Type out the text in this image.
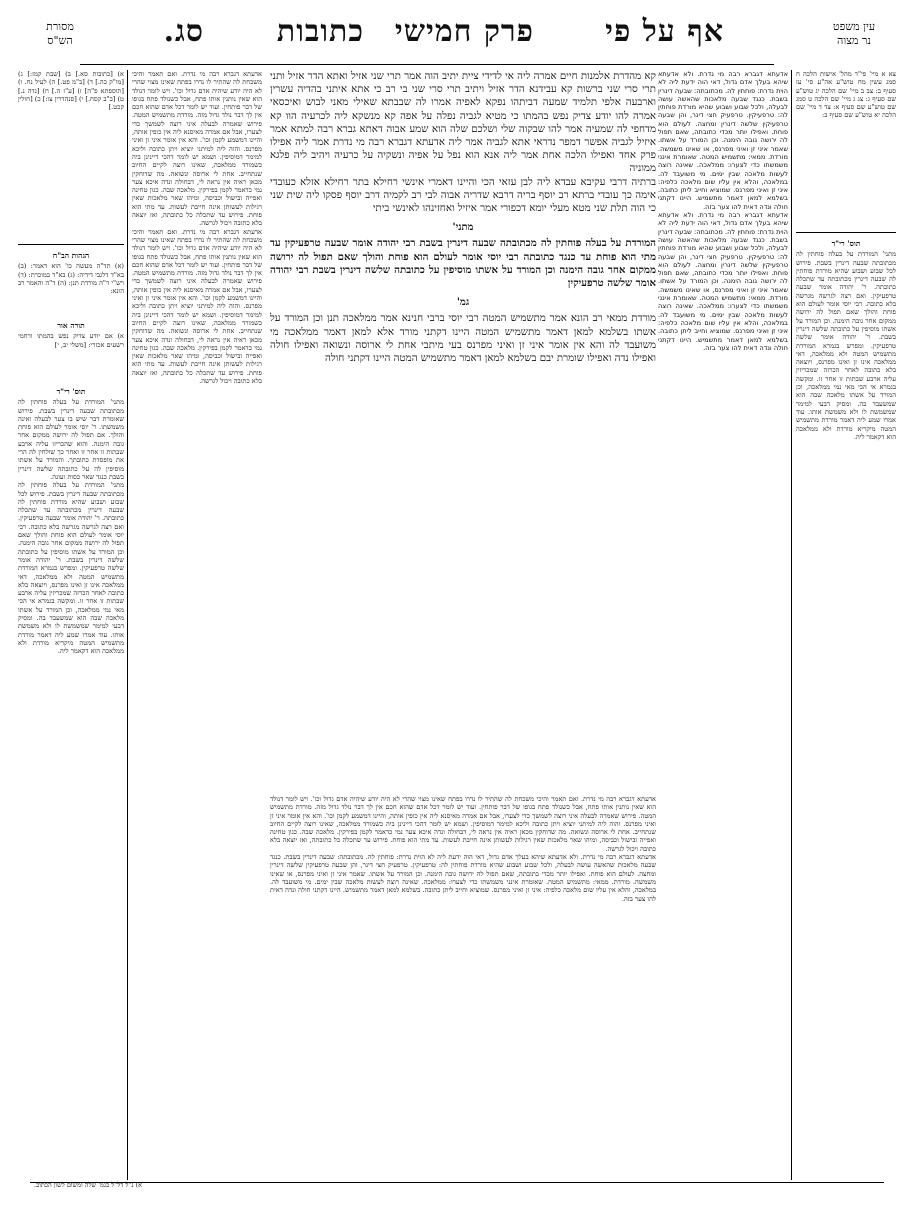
עין משפט
נר מצוה
אף על פי
פרק חמישי
כתובות
סג.
מסורת
הש"ס

צא א מיי' פי"ד מהל' אישות הלכה ח סמג עשין מח טוש"ע אה"ע סי' עז סעיף ב: צב ב מיי' שם הלכה יג טוש"ע שם סעיף ג: צג ג מיי' שם הלכה ט סמג שם טוש"ע שם סעיף א: צד ד מיי' שם הלכה יא טוש"ע שם סעיף ב:

תוס' רי"ד

מתני' המורדת על בעלה פוחתין לה מכתובתה שבעה דינרין בשבת. פירוש לכל שבוע ושבוע שהיא מורדת פוחתין לה שבעה דינרין מכתובתה עד שתכלה כתובתה. ר' יהודה אומר שבעה טרפעיקין. ואם רצה לגרשה מגרשה בלא כתובה. רבי יוסי אומר לעולם הוא פוחת והולך שאם תפול לה ירושה ממקום אחר גובה הימנה. וכן המורד על אשתו מוסיפין על כתובתה שלשה דינרין בשבת. ר' יהודה אומר שלשה טרפעיקין. ומפרש בגמרא המורדת מתשמיש המטה ולא ממלאכה, דאי ממלאכה אינו זן ואינו מפרנס, ויוצאה בלא כתובה לאחר הכרזה שמכריזין עליה ארבע שבתות זו אחר זו. ומקשה בגמרא אי הכי מאי נמי ממלאכה, וכן המורד על אשתו מלאכה שבה הוא שמשעבד בה. ומסיק דבעי למימר שמשמשת לו ולא משמשת אותו. עוד אמרו שמע ליה דאמר מורדת מתשמיש המטה מיקריא מורדת ולא ממלאכה הוא דקאמר ליה.

א) [כתובות סא.] ב) [שבת קמז:] ג) [מו"ק כה.] ד) [ב"מ פט.] ה) לעיל נח. ו) [תוספתא פ"ה] ז) [ע"ז ה.] ח) [נדה נ.] ט) [ב"ב קסח.] י) [סנהדרין צו:] כ) [חולין קכט.]

הגהות הב"ח

(א) תד"ה מעשה כו' הוא דאמר: (ב) בא"ד דלגבי דידיה: (ג) בא"ד במוכרת: (ד) רש"י ד"ה מורדת תנן: (ה) ד"ה והאמר רב הונא:

תורה אור

א) אם יודע צדיק נפש בהמתו ורחמי רשעים אכזרי: [משלי יב, י]

תוס' רי"ד

מתני' המורדת על בעלה פוחתין לה מכתובתה שבעה דינרין בשבת. פירוש שאומרת דבר שיש בו צער לבעלה ואינה משמשתו. ר' יוסי אומר לעולם הוא פוחת והולך. אם תפול לה ירושה ממקום אחר גובה הימנה. והוא שהכריזו עליה ארבע שבתות זו אחר זו ואחר כך שולחין לה הרי את מופסדת כתובתך. והמורד על אשתו מוסיפין לה על כתובתה שלשה דינרין בשבת כנגד שאר כסות ועונה.

מתני' המורדת על בעלה פוחתין לה מכתובתה שבעה דינרין בשבת. פירוש לכל שבוע ושבוע שהיא מורדת פוחתין לה שבעה דינרין מכתובתה עד שתכלה כתובתה. ר' יהודה אומר שבעה טרפעיקין. ואם רצה לגרשה מגרשה בלא כתובה. רבי יוסי אומר לעולם הוא פוחת והולך שאם תפול לה ירושה ממקום אחר גובה הימנה. וכן המורד על אשתו מוסיפין על כתובתה שלשה דינרין בשבת. ר' יהודה אומר שלשה טרפעיקין. ומפרש בגמרא המורדת מתשמיש המטה ולא ממלאכה, דאי ממלאכה אינו זן ואינו מפרנס, ויוצאה בלא כתובה לאחר הכרזה שמכריזין עליה ארבע שבתות זו אחר זו. ומקשה בגמרא אי הכי מאי נמי ממלאכה, וכן המורד על אשתו מלאכה שבה הוא שמשעבד בה. ומסיק דבעי למימר שמשמשת לו ולא משמשת אותו. עוד אמרו שמע ליה דאמר מורדת מתשמיש המטה מיקריא מורדת ולא ממלאכה הוא דקאמר ליה.

אדעתא דגברא רבה מי נדרת. ואם תאמר והיכי משכחת לה שהתיר לו נדרו בפתח שאינו מצוי שהרי לא היה יודע שיהיה אדם גדול וכו'. ויש לומר דנולד הוא שאין נותנין אותו פתח, אבל כשנולד פתח בגופו של דבר פותחין. ועוד יש לומר דכל אדם שהוא חכם אין לך דבר נולד גדול מזה. מורדת מתשמיש המטה. פירוש שאמרה לבעלה איני רוצה לשמשך כדי לצערו, אבל אם אמרה מאיסנא ליה אין כופין אותה, והיינו דמשמע לקמן וכו'. והא אין אומר איני זן ואיני מפרנס. והוה ליה למיתני יוציא ויתן כתובה וליכא למימר דמוסיפין. ושמא יש לומר דהכי דיינינן ביה כשמורד ממלאכה, שאינו רוצה לקיים החיוב שנתחייב. אחת לי ארוסה ונשואה. מה שדוחקין מכאן ראיה אין נראה לי, דבחולה ונדה איכא צער נמי כדאמר לקמן בפירקין. מלאכה שבה. כגון טחינה ואפייה ובישול וכביסה, ומיהו שאר מלאכות שאין רגילות לעשותן אינה חייבת לעשות. עד מתי הוא פוחת. פירוש עד שתכלה כל כתובתה, ואז יוצאה בלא כתובה ויכול לגרשה.

אדעתא דגברא רבה מי נדרת. ואם תאמר והיכי משכחת לה שהתיר לו נדרו בפתח שאינו מצוי שהרי לא היה יודע שיהיה אדם גדול וכו'. ויש לומר דנולד הוא שאין נותנין אותו פתח, אבל כשנולד פתח בגופו של דבר פותחין. ועוד יש לומר דכל אדם שהוא חכם אין לך דבר נולד גדול מזה. מורדת מתשמיש המטה. פירוש שאמרה לבעלה איני רוצה לשמשך כדי לצערו, אבל אם אמרה מאיסנא ליה אין כופין אותה, והיינו דמשמע לקמן וכו'. והא אין אומר איני זן ואיני מפרנס. והוה ליה למיתני יוציא ויתן כתובה וליכא למימר דמוסיפין. ושמא יש לומר דהכי דיינינן ביה כשמורד ממלאכה, שאינו רוצה לקיים החיוב שנתחייב. אחת לי ארוסה ונשואה. מה שדוחקין מכאן ראיה אין נראה לי, דבחולה ונדה איכא צער נמי כדאמר לקמן בפירקין. מלאכה שבה. כגון טחינה ואפייה ובישול וכביסה, ומיהו שאר מלאכות שאין רגילות לעשותן אינה חייבת לעשות. עד מתי הוא פוחת. פירוש עד שתכלה כל כתובתה, ואז יוצאה בלא כתובה ויכול לגרשה.

אדעתא דגברא רבה מי נדרת. ולא אדעתא שיהא בעלך אדם גדול, דאי הוה ידעת ליה לא הוית נדרת: פוחתין לה. מכתובתה: שבעה דינרין בשבת. כנגד שבעה מלאכות שהאשה עושה לבעלה, ולכל שבוע ושבוע שהיא מורדת פוחתין לה: טרפעיקין. טרפעיק חצי דינר, והן שבעה טרפעיקין שלשה דינרין ומחצה. לעולם הוא פוחת. ואפילו יותר מכדי כתובתה, שאם תפול לה ירושה גובה הימנה. וכן המורד על אשתו. שאמר איני זן ואיני מפרנס, או שאינו משמשה. מורדת. ממאי: מתשמיש המטה. שאומרת אינני משמשתו כדי לצערו: ממלאכה. שאינה רוצה לעשות מלאכה שבין ימים. מי משועבד לה. במלאכה, והלא אין עליו שום מלאכה כלפיה: איני זן ואיני מפרנס. שמוציא וחייב ליתן כתובה. בשלמא למאן דאמר מתשמיש. היינו דקתני חולה ונדה דאית להו צער בזה.

אדעתא דגברא רבה מי נדרת. ולא אדעתא שיהא בעלך אדם גדול, דאי הוה ידעת ליה לא הוית נדרת: פוחתין לה. מכתובתה: שבעה דינרין בשבת. כנגד שבעה מלאכות שהאשה עושה לבעלה, ולכל שבוע ושבוע שהיא מורדת פוחתין לה: טרפעיקין. טרפעיק חצי דינר, והן שבעה טרפעיקין שלשה דינרין ומחצה. לעולם הוא פוחת. ואפילו יותר מכדי כתובתה, שאם תפול לה ירושה גובה הימנה. וכן המורד על אשתו. שאמר איני זן ואיני מפרנס, או שאינו משמשה. מורדת. ממאי: מתשמיש המטה. שאומרת אינני משמשתו כדי לצערו: ממלאכה. שאינה רוצה לעשות מלאכה שבין ימים. מי משועבד לה. במלאכה, והלא אין עליו שום מלאכה כלפיה: איני זן ואיני מפרנס. שמוציא וחייב ליתן כתובה. בשלמא למאן דאמר מתשמיש. היינו דקתני חולה ונדה דאית להו צער בזה.

קא מהדרת אלמנות חיים אמרה ליה אי לדידי ציית יתיב הוה אמר תרי שני אזיל ואתא הדר אזיל ותני תרי סרי שני ברשות קא עבידנא הדר אזיל ויתיב תרי סרי שני בי רב כי אתא איתני בהדיה עשרין וארבעה אלפי תלמיד שמעה דביתהו נפקא לאפיה אמרו לה שבבתא שאילי מאני לבוש ואיכסאי אמרה להו יודע צדיק נפש בהמתו כי מטיא לגביה נפלה על אפה קא מנשקא ליה לכרעיה הוו קא מדחפי לה שמעיה אמר להו שבקוה שלי ושלכם שלה הוא שמע אבוה דאתא גברא רבה למתא אמר איזיל לגביה אפשר דמפר נדראי אתא לגביה אמר ליה אדעתא דגברא רבה מי נדרת אמר ליה אפילו פרק אחד ואפילו הלכה אחת אמר ליה אנא הוא נפל על אפיה ונשקיה על כרעיה ויהיב ליה פלגא ממוניה

ברתיה דרבי עקיבא עבדא ליה לבן עזאי הכי והיינו דאמרי אינשי רחילא בתר רחילא אזלא כעובדי אימה כך עובדי ברתא רב יוסף בריה דרבא שדריה אבוה לבי רב לקמיה דרב יוסף פסקו ליה שית שני כי הוה תלת שני מטא מעלי יומא דכפורי אמר איזיל ואחזינהו לאינשי ביתי

מתני'

המורדת על בעלה פוחתין לה מכתובתה שבעה דינרין בשבת רבי יהודה אומר שבעה טרפעיקין עד מתי הוא פוחת עד כנגד כתובתה רבי יוסי אומר לעולם הוא פוחת והולך שאם תפול לה ירושה ממקום אחר גובה הימנה וכן המורד על אשתו מוסיפין על כתובתה שלשה דינרין בשבת רבי יהודה אומר שלשה טרפעיקין

גמ'

מורדת ממאי רב הונא אמר מתשמיש המטה רבי יוסי ברבי חנינא אמר ממלאכה תנן וכן המורד על אשתו בשלמא למאן דאמר מתשמיש המטה היינו דקתני מורד אלא למאן דאמר ממלאכה מי משועבד לה והא אין אומר איני זן ואיני מפרנס בעי מיתבי אחת לי ארוסה ונשואה ואפילו חולה ואפילו נדה ואפילו שומרת יבם בשלמא למאן דאמר מתשמיש המטה היינו דקתני חולה

אדעתא דגברא רבה מי נדרת. ואם תאמר והיכי משכחת לה שהתיר לו נדרו בפתח שאינו מצוי שהרי לא היה יודע שיהיה אדם גדול וכו'. ויש לומר דנולד הוא שאין נותנין אותו פתח, אבל כשנולד פתח בגופו של דבר פותחין. ועוד יש לומר דכל אדם שהוא חכם אין לך דבר נולד גדול מזה. מורדת מתשמיש המטה. פירוש שאמרה לבעלה איני רוצה לשמשך כדי לצערו, אבל אם אמרה מאיסנא ליה אין כופין אותה, והיינו דמשמע לקמן וכו'. והא אין אומר איני זן ואיני מפרנס. והוה ליה למיתני יוציא ויתן כתובה וליכא למימר דמוסיפין. ושמא יש לומר דהכי דיינינן ביה כשמורד ממלאכה, שאינו רוצה לקיים החיוב שנתחייב. אחת לי ארוסה ונשואה. מה שדוחקין מכאן ראיה אין נראה לי, דבחולה ונדה איכא צער נמי כדאמר לקמן בפירקין. מלאכה שבה. כגון טחינה ואפייה ובישול וכביסה, ומיהו שאר מלאכות שאין רגילות לעשותן אינה חייבת לעשות. עד מתי הוא פוחת. פירוש עד שתכלה כל כתובתה, ואז יוצאה בלא כתובה ויכול לגרשה.

אדעתא דגברא רבה מי נדרת. ולא אדעתא שיהא בעלך אדם גדול, דאי הוה ידעת ליה לא הוית נדרת: פוחתין לה. מכתובתה: שבעה דינרין בשבת. כנגד שבעה מלאכות שהאשה עושה לבעלה, ולכל שבוע ושבוע שהיא מורדת פוחתין לה: טרפעיקין. טרפעיק חצי דינר, והן שבעה טרפעיקין שלשה דינרין ומחצה. לעולם הוא פוחת. ואפילו יותר מכדי כתובתה, שאם תפול לה ירושה גובה הימנה. וכן המורד על אשתו. שאמר איני זן ואיני מפרנס, או שאינו משמשה. מורדת. ממאי: מתשמיש המטה. שאומרת אינני משמשתו כדי לצערו: ממלאכה. שאינה רוצה לעשות מלאכה שבין ימים. מי משועבד לה. במלאכה, והלא אין עליו שום מלאכה כלפיה: איני זן ואיני מפרנס. שמוציא וחייב ליתן כתובה. בשלמא למאן דאמר מתשמיש. היינו דקתני חולה ונדה דאית להו צער בזה.

א) נ"ל דל"ל בגמ' שלה ומשום לשון הכתוב.
